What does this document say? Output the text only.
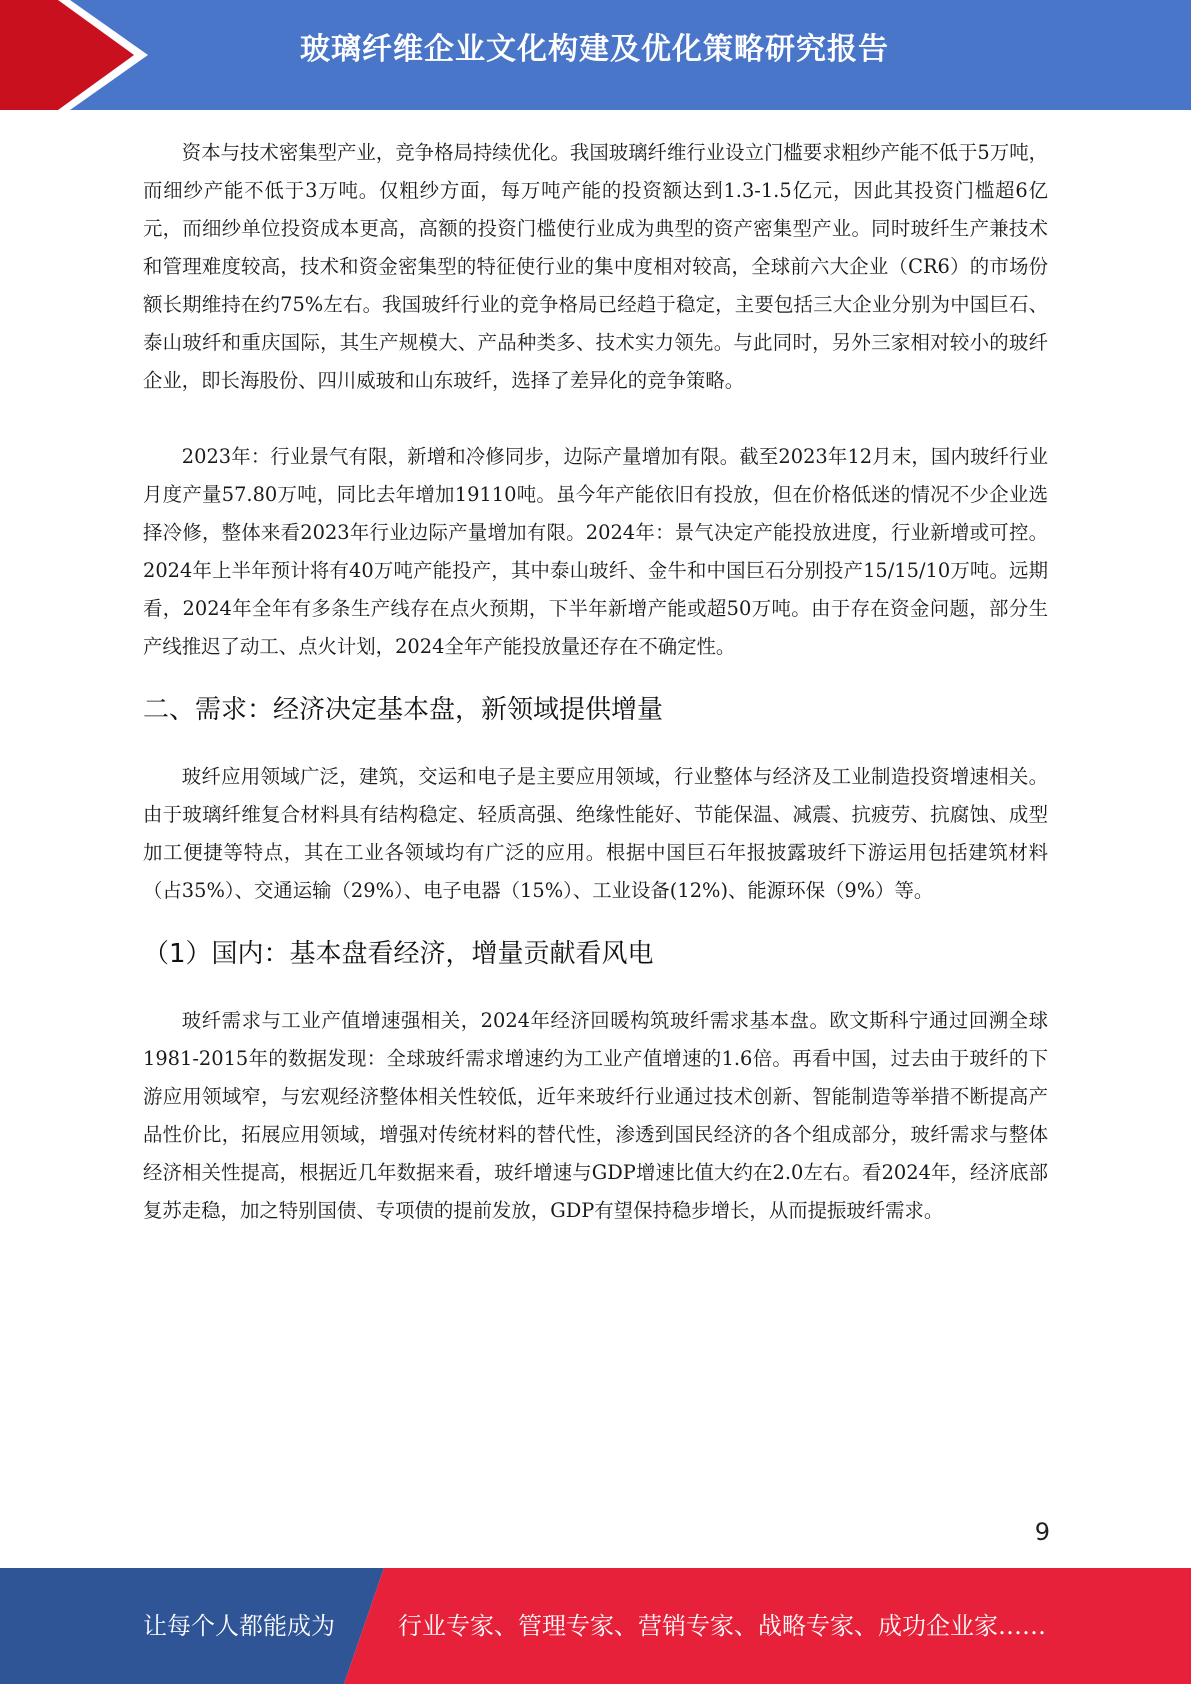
玻璃纤维企业文化构建及优化策略研究报告

资本与技术密集型产业，竞争格局持续优化。我国玻璃纤维行业设立门槛要求粗纱产能不低于5万吨，而细纱产能不低于3万吨。仅粗纱方面，每万吨产能的投资额达到1.3-1.5亿元，因此其投资门槛超6亿元，而细纱单位投资成本更高，高额的投资门槛使行业成为典型的资产密集型产业。同时玻纤生产兼技术和管理难度较高，技术和资金密集型的特征使行业的集中度相对较高，全球前六大企业（CR6）的市场份额长期维持在约75%左右。我国玻纤行业的竞争格局已经趋于稳定，主要包括三大企业分别为中国巨石、泰山玻纤和重庆国际，其生产规模大、产品种类多、技术实力领先。与此同时，另外三家相对较小的玻纤企业，即长海股份、四川威玻和山东玻纤，选择了差异化的竞争策略。

2023年：行业景气有限，新增和冷修同步，边际产量增加有限。截至2023年12月末，国内玻纤行业月度产量57.80万吨，同比去年增加19110吨。虽今年产能依旧有投放，但在价格低迷的情况不少企业选择冷修，整体来看2023年行业边际产量增加有限。2024年：景气决定产能投放进度，行业新增或可控。2024年上半年预计将有40万吨产能投产，其中泰山玻纤、金牛和中国巨石分别投产15/15/10万吨。远期看，2024年全年有多条生产线存在点火预期，下半年新增产能或超50万吨。由于存在资金问题，部分生产线推迟了动工、点火计划，2024全年产能投放量还存在不确定性。

二、需求：经济决定基本盘，新领域提供增量

玻纤应用领域广泛，建筑，交运和电子是主要应用领域，行业整体与经济及工业制造投资增速相关。由于玻璃纤维复合材料具有结构稳定、轻质高强、绝缘性能好、节能保温、减震、抗疲劳、抗腐蚀、成型加工便捷等特点，其在工业各领域均有广泛的应用。根据中国巨石年报披露玻纤下游运用包括建筑材料（占35%）、交通运输（29%）、电子电器（15%）、工业设备(12%)、能源环保（9%）等。

（1）国内：基本盘看经济，增量贡献看风电

玻纤需求与工业产值增速强相关，2024年经济回暖构筑玻纤需求基本盘。欧文斯科宁通过回溯全球1981-2015年的数据发现：全球玻纤需求增速约为工业产值增速的1.6倍。再看中国，过去由于玻纤的下游应用领域窄，与宏观经济整体相关性较低，近年来玻纤行业通过技术创新、智能制造等举措不断提高产品性价比，拓展应用领域，增强对传统材料的替代性，渗透到国民经济的各个组成部分，玻纤需求与整体经济相关性提高，根据近几年数据来看，玻纤增速与GDP增速比值大约在2.0左右。看2024年，经济底部复苏走稳，加之特别国债、专项债的提前发放，GDP有望保持稳步增长，从而提振玻纤需求。

9
让每个人都能成为	行业专家、管理专家、营销专家、战略专家、成功企业家……
